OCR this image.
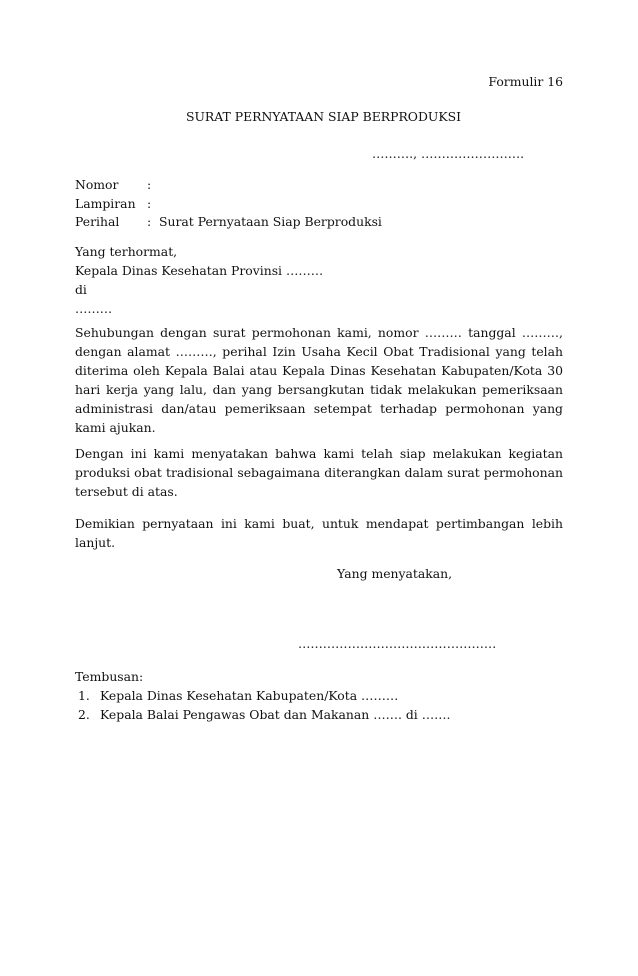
Formulir 16
SURAT PERNYATAAN SIAP BERPRODUKSI
………., …………………….
Nomor	:
Lampiran :
Perihal	: Surat Pernyataan Siap Berproduksi
Yang terhormat,
Kepala Dinas Kesehatan Provinsi ………
di
………
Sehubungan dengan surat permohonan kami, nomor ……… tanggal ………,
dengan alamat ………, perihal Izin Usaha Kecil Obat Tradisional yang telah
diterima oleh Kepala Balai atau Kepala Dinas Kesehatan Kabupaten/Kota 30
hari kerja yang lalu, dan yang bersangkutan tidak melakukan pemeriksaan
administrasi dan/atau pemeriksaan setempat terhadap permohonan yang
kami ajukan.
Dengan ini kami menyatakan bahwa kami telah siap melakukan kegiatan
produksi obat tradisional sebagaimana diterangkan dalam surat permohonan
tersebut di atas.
Demikian pernyataan ini kami buat, untuk mendapat pertimbangan lebih
lanjut.
Yang menyatakan,
…………………………………………
Tembusan:
1. Kepala Dinas Kesehatan Kabupaten/Kota ………
2. Kepala Balai Pengawas Obat dan Makanan ……. di …….
